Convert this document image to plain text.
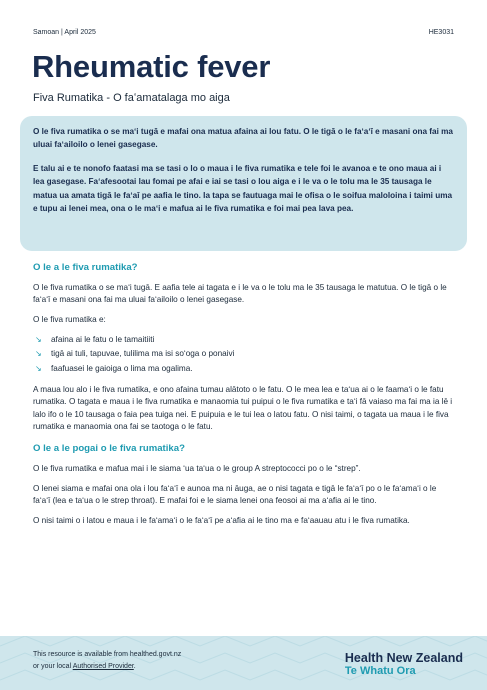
Samoan | April 2025	HE3031
Rheumatic fever
Fiva Rumatika - O faʻamatalaga mo aiga

O le fiva rumatika o se maʻi tugā e mafai ona matua afaina ai lou fatu. O le tigā o le faʻaʻī e masani ona fai ma uluai faʻailoilo o lenei gasegase.

E talu ai e te nonofo faatasi ma se tasi o lo o maua i le fiva rumatika e tele foi le avanoa e te ono maua ai i lea gasegase. Faʻafesootai lau fomai pe afai e iai se tasi o lou aiga e i le va o le tolu ma le 35 tausaga le matua ua amata tigā le faʻaī pe aafia le tino. Ia tapa se fautuaga mai le ofisa o le soifua maloloina i taimi uma e tupu ai lenei mea, ona o le maʻi e mafua ai le fiva rumatika e foi mai pea lava pea.

O le a le fiva rumatika?

O le fiva rumatika o se maʻi tugā. E aafia tele ai tagata e i le va o le tolu ma le 35 tausaga le matutua. O le tigā o le faʻaʻī e masani ona fai ma uluai faʻailoilo o lenei gasegase.

O le fiva rumatika e:

↘ afaina ai le fatu o le tamaitiiti
↘ tigā ai tuli, tapuvae, tulilima ma isi soʻoga o ponaivi
↘ faafuasei le gaioiga o lima ma ogalima.

A maua lou alo i le fiva rumatika, e ono afaina tumau alātoto o le fatu. O le mea lea e taʻua ai o le faamaʻi o le fatu rumatika. O tagata e maua i le fiva rumatika e manaomia tui puipui o le fiva rumatika e taʻi fā vaiaso ma fai ma ia lē i lalo ifo o le 10 tausaga o faia pea tuiga nei. E puipuia e le tui lea o latou fatu. O nisi taimi, o tagata ua maua i le fiva rumatika e manaomia ona fai se taotoga o le fatu.

O le a le pogai o le fiva rumatika?

O le fiva rumatika e mafua mai i le siama ʻua taʻua o le group A streptococci po o le “strep”.

O lenei siama e mafai ona ola i lou faʻaʻī e aunoa ma ni āuga, ae o nisi tagata e tigā le faʻaʻī po o le faʻamaʻi o le faʻaʻī (lea e taʻua o le strep throat). E mafai foi e le siama lenei ona feosoi ai ma aʻafia ai le tino.

O nisi taimi o i latou e maua i le faʻamaʻi o le faʻaʻī pe aʻafia ai le tino ma e faʻaauau atu i le fiva rumatika.

This resource is available from healthed.govt.nz
or your local Authorised Provider.
Health New Zealand
Te Whatu Ora
